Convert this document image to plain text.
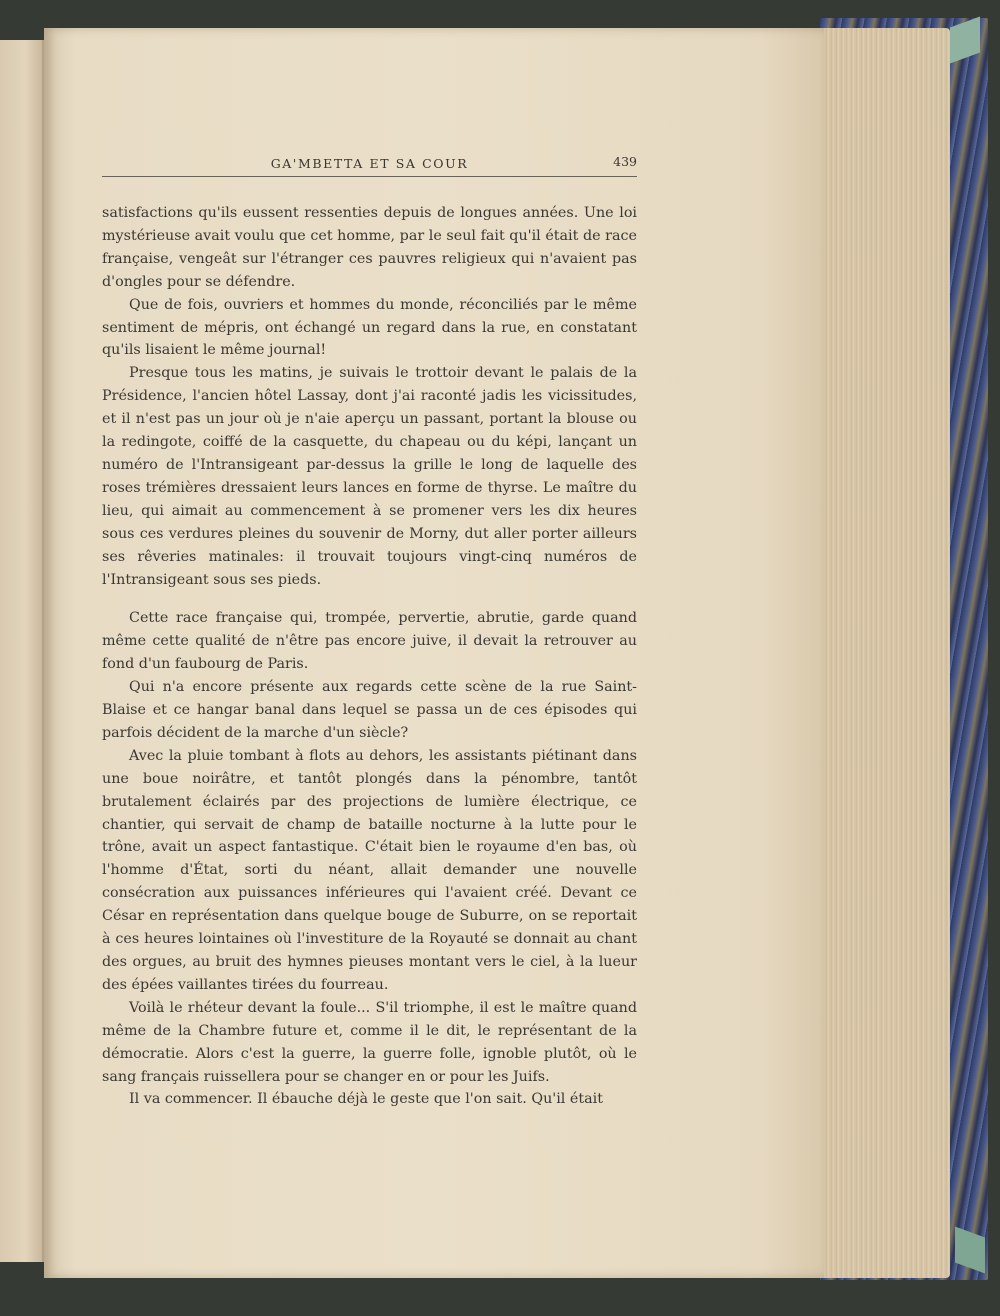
GA'MBETTA ET SA COUR	439

satisfactions qu'ils eussent ressenties depuis de longues années. Une loi mystérieuse avait voulu que cet homme, par le seul fait qu'il était de race française, vengeât sur l'étranger ces pauvres religieux qui n'avaient pas d'ongles pour se défendre.

Que de fois, ouvriers et hommes du monde, réconciliés par le même sentiment de mépris, ont échangé un regard dans la rue, en constatant qu'ils lisaient le même journal!

Presque tous les matins, je suivais le trottoir devant le palais de la Présidence, l'ancien hôtel Lassay, dont j'ai raconté jadis les vicissitudes, et il n'est pas un jour où je n'aie aperçu un passant, portant la blouse ou la redingote, coiffé de la casquette, du chapeau ou du képi, lançant un numéro de l'Intransigeant par-dessus la grille le long de laquelle des roses trémières dressaient leurs lances en forme de thyrse. Le maître du lieu, qui aimait au commencement à se promener vers les dix heures sous ces verdures pleines du souvenir de Morny, dut aller porter ailleurs ses rêveries matinales: il trouvait toujours vingt-cinq numéros de l'Intransigeant sous ses pieds.

Cette race française qui, trompée, pervertie, abrutie, garde quand même cette qualité de n'être pas encore juive, il devait la retrouver au fond d'un faubourg de Paris.

Qui n'a encore présente aux regards cette scène de la rue Saint-Blaise et ce hangar banal dans lequel se passa un de ces épisodes qui parfois décident de la marche d'un siècle?

Avec la pluie tombant à flots au dehors, les assistants piétinant dans une boue noirâtre, et tantôt plongés dans la pénombre, tantôt brutalement éclairés par des projections de lumière électrique, ce chantier, qui servait de champ de bataille nocturne à la lutte pour le trône, avait un aspect fantastique. C'était bien le royaume d'en bas, où l'homme d'État, sorti du néant, allait demander une nouvelle consécration aux puissances inférieures qui l'avaient créé. Devant ce César en représentation dans quelque bouge de Suburre, on se reportait à ces heures lointaines où l'investiture de la Royauté se donnait au chant des orgues, au bruit des hymnes pieuses montant vers le ciel, à la lueur des épées vaillantes tirées du fourreau.

Voilà le rhéteur devant la foule... S'il triomphe, il est le maître quand même de la Chambre future et, comme il le dit, le représentant de la démocratie. Alors c'est la guerre, la guerre folle, ignoble plutôt, où le sang français ruissellera pour se changer en or pour les Juifs.

Il va commencer. Il ébauche déjà le geste que l'on sait. Qu'il était
